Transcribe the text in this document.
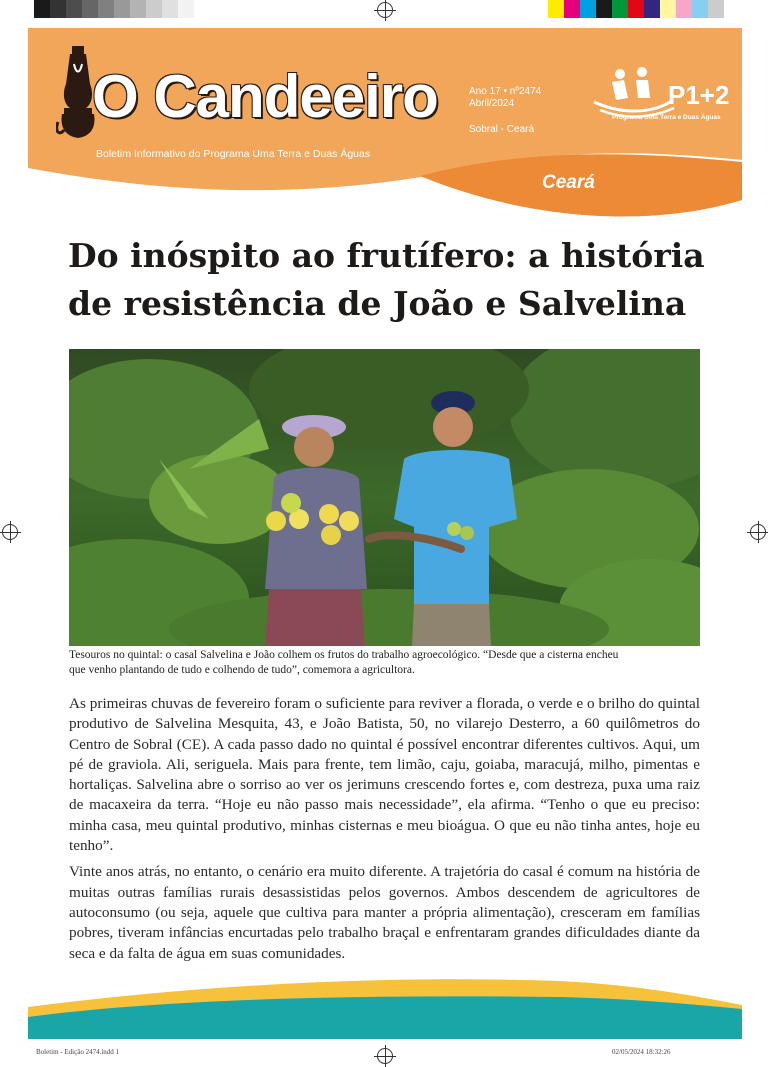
O Candeeiro
Boletim Informativo do Programa Uma Terra e Duas Águas
Ano 17 • nº2474
Abril/2024
Sobral - Ceará
P1+2
Programa Uma Terra e Duas Águas
Ceará
Do inóspito ao frutífero: a história
de resistência de João e Salvelina
Tesouros no quintal: o casal Salvelina e João colhem os frutos do trabalho agroecológico. “Desde que a cisterna encheu
que venho plantando de tudo e colhendo de tudo”, comemora a agricultora.

As primeiras chuvas de fevereiro foram o suficiente para reviver a florada, o verde e o brilho do quintal produtivo de Salvelina Mesquita, 43, e João Batista, 50, no vilarejo Desterro, a 60 quilômetros do Centro de Sobral (CE). A cada passo dado no quintal é possível encontrar diferentes cultivos. Aqui, um pé de graviola. Ali, seriguela. Mais para frente, tem limão, caju, goiaba, maracujá, milho, pimentas e hortaliças. Salvelina abre o sorriso ao ver os jerimuns crescendo fortes e, com destreza, puxa uma raiz de macaxeira da terra. “Hoje eu não passo mais necessidade”, ela afirma. “Tenho o que eu preciso: minha casa, meu quintal produtivo, minhas cisternas e meu bioágua. O que eu não tinha antes, hoje eu tenho”.

Vinte anos atrás, no entanto, o cenário era muito diferente. A trajetória do casal é comum na história de muitas outras famílias rurais desassistidas pelos governos. Ambos descendem de agricultores de autoconsumo (ou seja, aquele que cultiva para manter a própria alimentação), cresceram em famílias pobres, tiveram infâncias encurtadas pelo trabalho braçal e enfrentaram grandes dificuldades diante da seca e da falta de água em suas comunidades.

Boletim - Edição 2474.indd 1	02/05/2024 18:32:26
